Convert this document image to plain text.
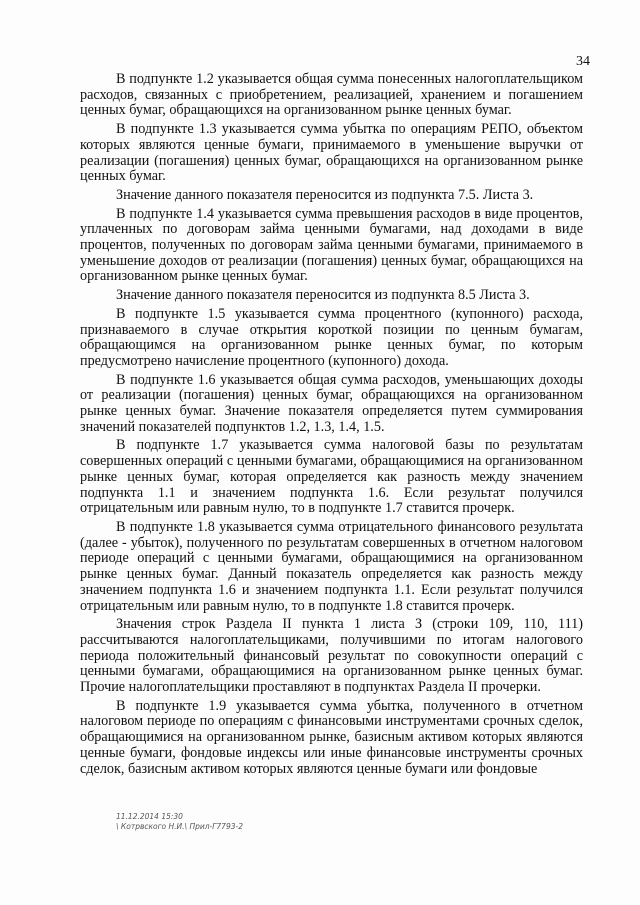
34

В подпункте 1.2 указывается общая сумма понесенных налогоплательщиком расходов, связанных с приобретением, реализацией, хранением и погашением ценных бумаг, обращающихся на организованном рынке ценных бумаг.

В подпункте 1.3 указывается сумма убытка по операциям РЕПО, объектом которых являются ценные бумаги, принимаемого в уменьшение выручки от реализации (погашения) ценных бумаг, обращающихся на организованном рынке ценных бумаг.

Значение данного показателя переносится из подпункта 7.5. Листа 3.

В подпункте 1.4 указывается сумма превышения расходов в виде процентов, уплаченных по договорам займа ценными бумагами, над доходами в виде процентов, полученных по договорам займа ценными бумагами, принимаемого в уменьшение доходов от реализации (погашения) ценных бумаг, обращающихся на организованном рынке ценных бумаг.

Значение данного показателя переносится из подпункта 8.5 Листа 3.

В подпункте 1.5 указывается сумма процентного (купонного) расхода, признаваемого в случае открытия короткой позиции по ценным бумагам, обращающимся на организованном рынке ценных бумаг, по которым предусмотрено начисление процентного (купонного) дохода.

В подпункте 1.6 указывается общая сумма расходов, уменьшающих доходы от реализации (погашения) ценных бумаг, обращающихся на организованном рынке ценных бумаг. Значение показателя определяется путем суммирования значений показателей подпунктов 1.2, 1.3, 1.4, 1.5.

В подпункте 1.7 указывается сумма налоговой базы по результатам совершенных операций с ценными бумагами, обращающимися на организованном рынке ценных бумаг, которая определяется как разность между значением подпункта 1.1 и значением подпункта 1.6. Если результат получился отрицательным или равным нулю, то в подпункте 1.7 ставится прочерк.

В подпункте 1.8 указывается сумма отрицательного финансового результата (далее - убыток), полученного по результатам совершенных в отчетном налоговом периоде операций с ценными бумагами, обращающимися на организованном рынке ценных бумаг. Данный показатель определяется как разность между значением подпункта 1.6 и значением подпункта 1.1. Если результат получился отрицательным или равным нулю, то в подпункте 1.8 ставится прочерк.

Значения строк Раздела II пункта 1 листа З (строки 109, 110, 111) рассчитываются налогоплательщиками, получившими по итогам налогового периода положительный финансовый результат по совокупности операций с ценными бумагами, обращающимися на организованном рынке ценных бумаг. Прочие налогоплательщики проставляют в подпунктах Раздела II прочерки.

В подпункте 1.9 указывается сумма убытка, полученного в отчетном налоговом периоде по операциям с финансовыми инструментами срочных сделок, обращающимися на организованном рынке, базисным активом которых являются ценные бумаги, фондовые индексы или иные финансовые инструменты срочных сделок, базисным активом которых являются ценные бумаги или фондовые

11.12.2014 15:30
\ Котрвского Н.И.\ Прил-Г7793-2
